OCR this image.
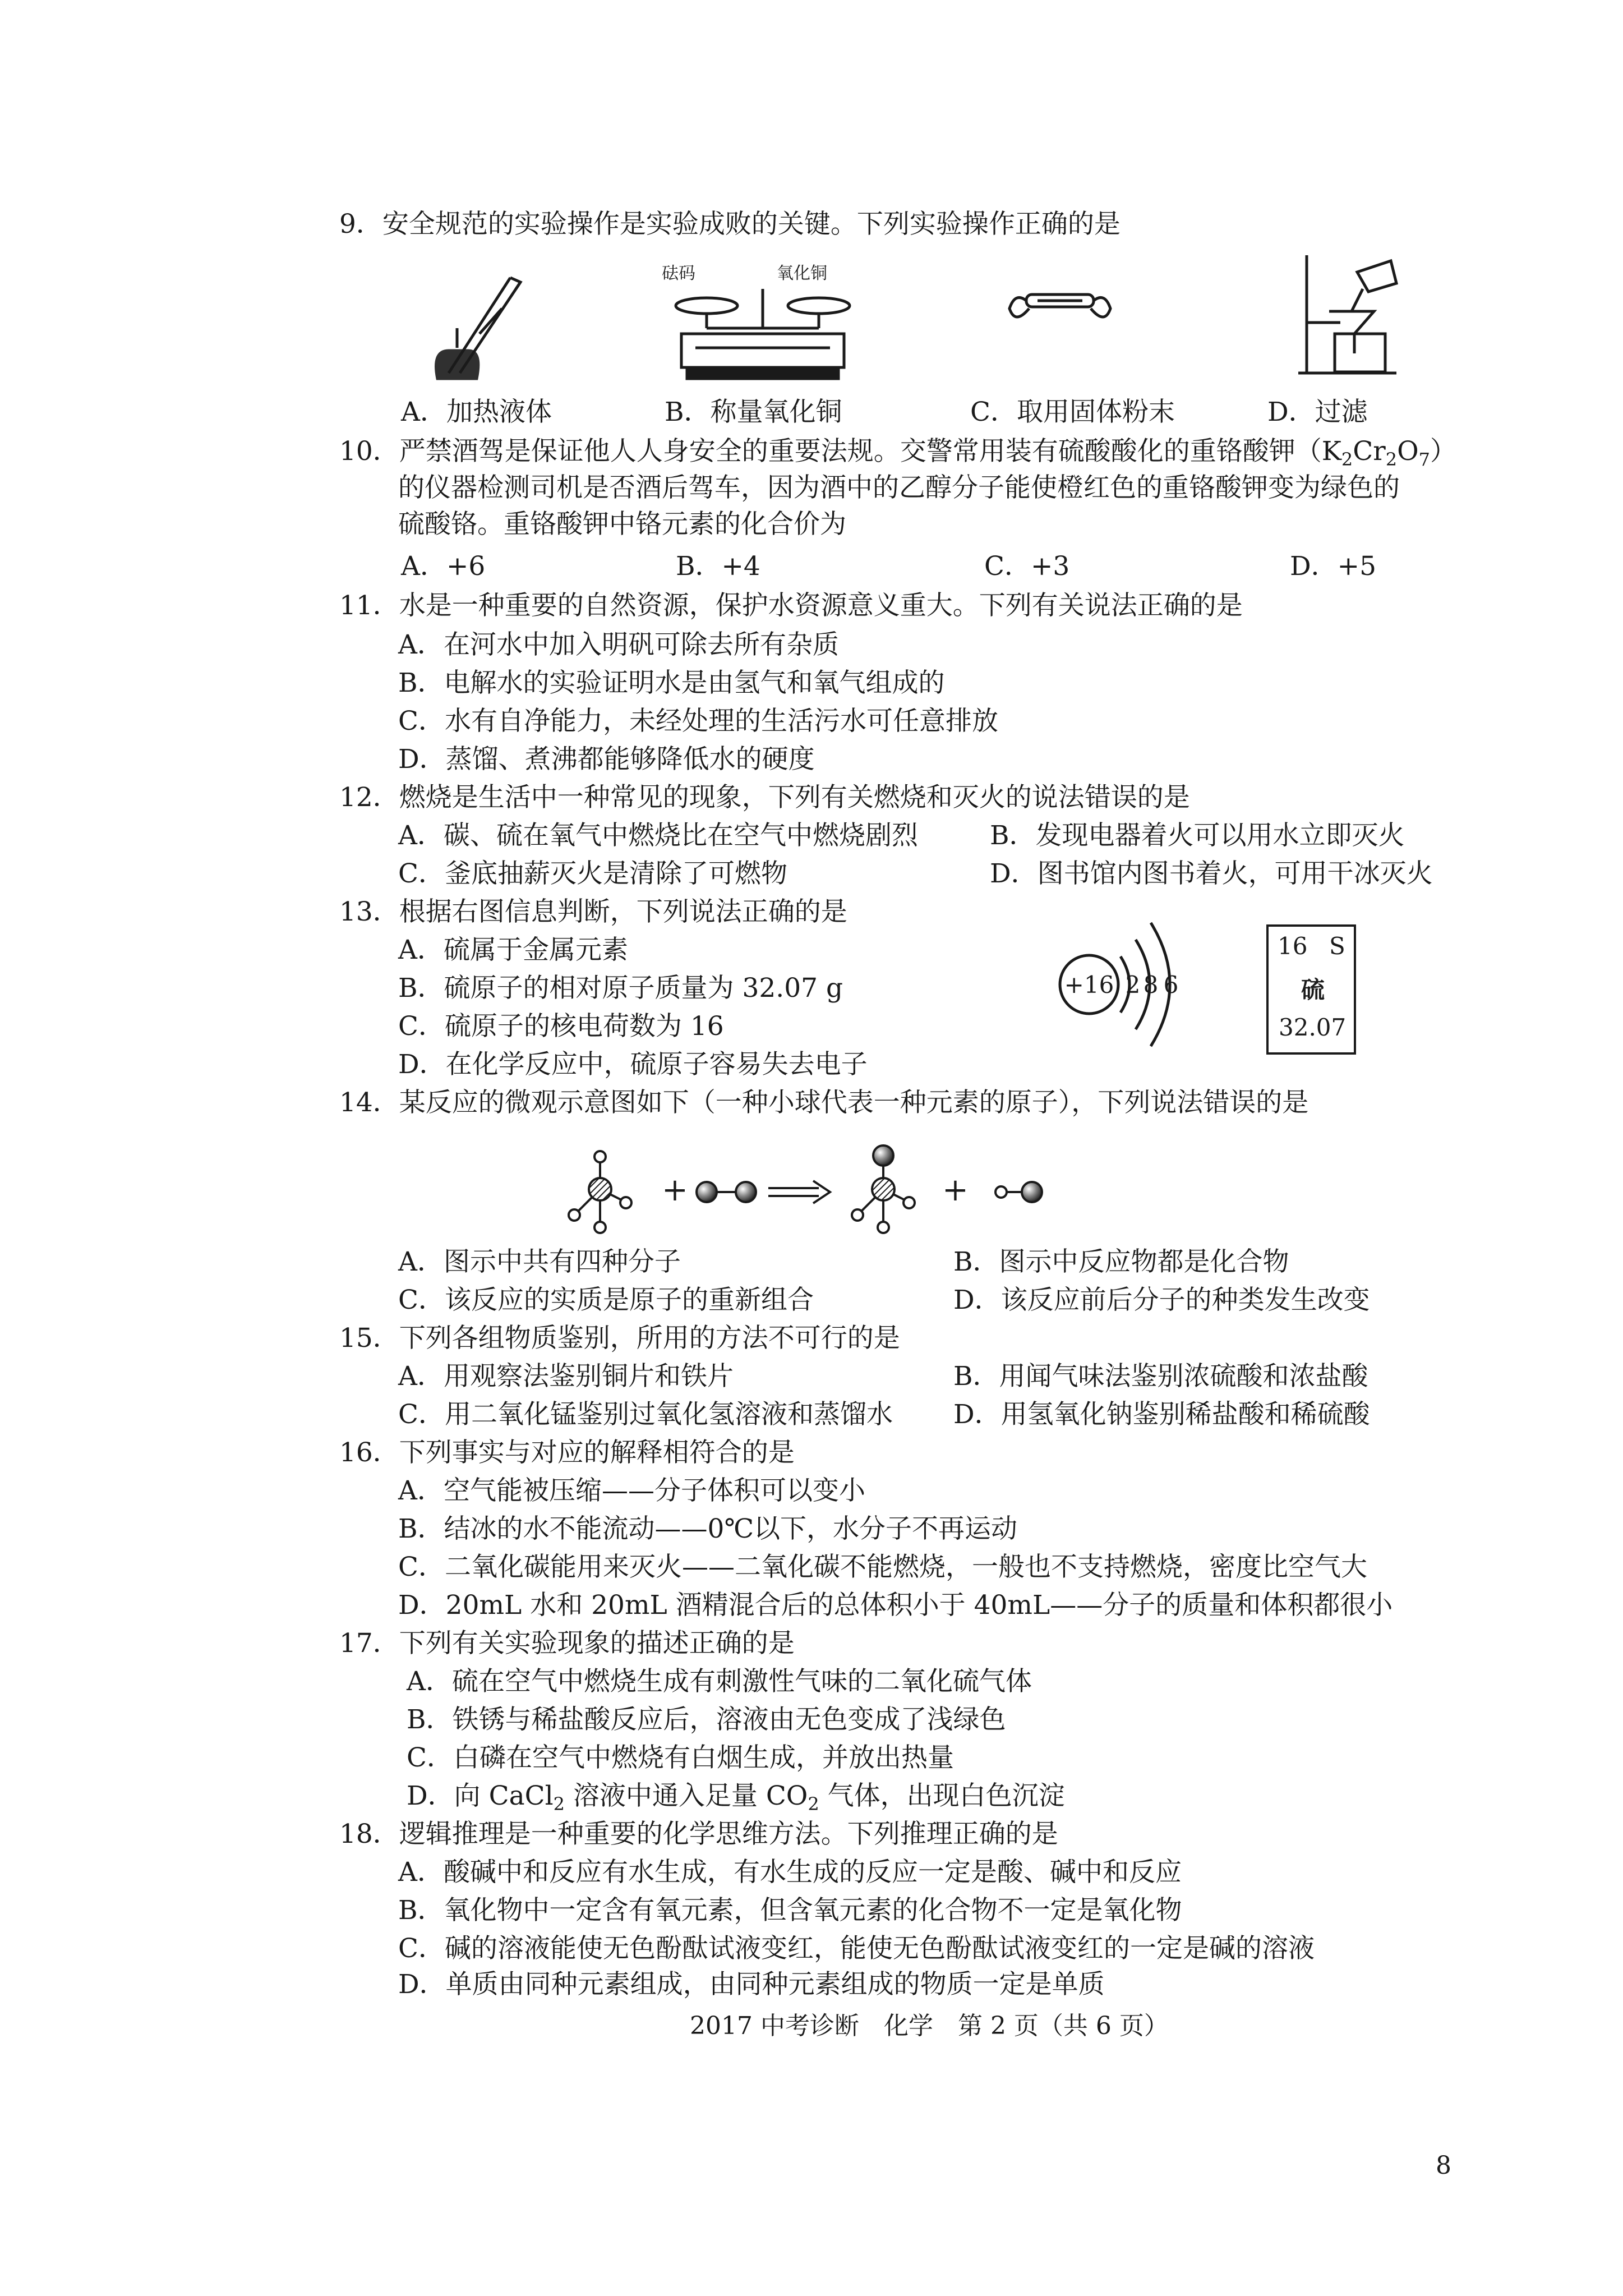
9．安全规范的实验操作是实验成败的关键。下列实验操作正确的是
砝码	氧化铜
A．加热液体	B．称量氧化铜	C．取用固体粉末	D．过滤
10．严禁酒驾是保证他人人身安全的重要法规。交警常用装有硫酸酸化的重铬酸钾$(K_2Cr_2O_7)$
的仪器检测司机是否酒后驾车，因为酒中的乙醇分子能使橙红色的重铬酸钾变为绿色的
硫酸铬。重铬酸钾中铬元素的化合价为
A．+6	B．+4	C．+3	D．+5
11．水是一种重要的自然资源，保护水资源意义重大。下列有关说法正确的是
A．在河水中加入明矾可除去所有杂质
B．电解水的实验证明水是由氢气和氧气组成的
C．水有自净能力，未经处理的生活污水可任意排放
D．蒸馏、煮沸都能够降低水的硬度
12．燃烧是生活中一种常见的现象，下列有关燃烧和灭火的说法错误的是
A．碳、硫在氧气中燃烧比在空气中燃烧剧烈	B．发现电器着火可以用水立即灭火
C．釜底抽薪灭火是清除了可燃物	D．图书馆内图书着火，可用干冰灭火
13．根据右图信息判断，下列说法正确的是
A．硫属于金属元素
B．硫原子的相对原子质量为 32.07 g
C．硫原子的核电荷数为 16
D．在化学反应中，硫原子容易失去电子
+16 2 8 6
16 S
硫
32.07
14．某反应的微观示意图如下（一种小球代表一种元素的原子），下列说法错误的是
+	+
A．图示中共有四种分子	B．图示中反应物都是化合物
C．该反应的实质是原子的重新组合	D．该反应前后分子的种类发生改变
15．下列各组物质鉴别，所用的方法不可行的是
A．用观察法鉴别铜片和铁片	B．用闻气味法鉴别浓硫酸和浓盐酸
C．用二氧化锰鉴别过氧化氢溶液和蒸馏水 D．用氢氧化钠鉴别稀盐酸和稀硫酸
16．下列事实与对应的解释相符合的是
A．空气能被压缩——分子体积可以变小
B．结冰的水不能流动——0℃以下，水分子不再运动
C．二氧化碳能用来灭火——二氧化碳不能燃烧，一般也不支持燃烧，密度比空气大
D．20mL 水和 20mL 酒精混合后的总体积小于 40mL——分子的质量和体积都很小
17．下列有关实验现象的描述正确的是
A．硫在空气中燃烧生成有刺激性气味的二氧化硫气体
B．铁锈与稀盐酸反应后，溶液由无色变成了浅绿色
C．白磷在空气中燃烧有白烟生成，并放出热量
D．向 CaCl$_2$ 溶液中通入足量 $CO_2$ 气体，出现白色沉淀
18．逻辑推理是一种重要的化学思维方法。下列推理正确的是
A．酸碱中和反应有水生成，有水生成的反应一定是酸、碱中和反应
B．氧化物中一定含有氧元素，但含氧元素的化合物不一定是氧化物
C．碱的溶液能使无色酚酞试液变红，能使无色酚酞试液变红的一定是碱的溶液
D．单质由同种元素组成，由同种元素组成的物质一定是单质
2017 中考诊断　化学　第 2 页（共 6 页）
8
